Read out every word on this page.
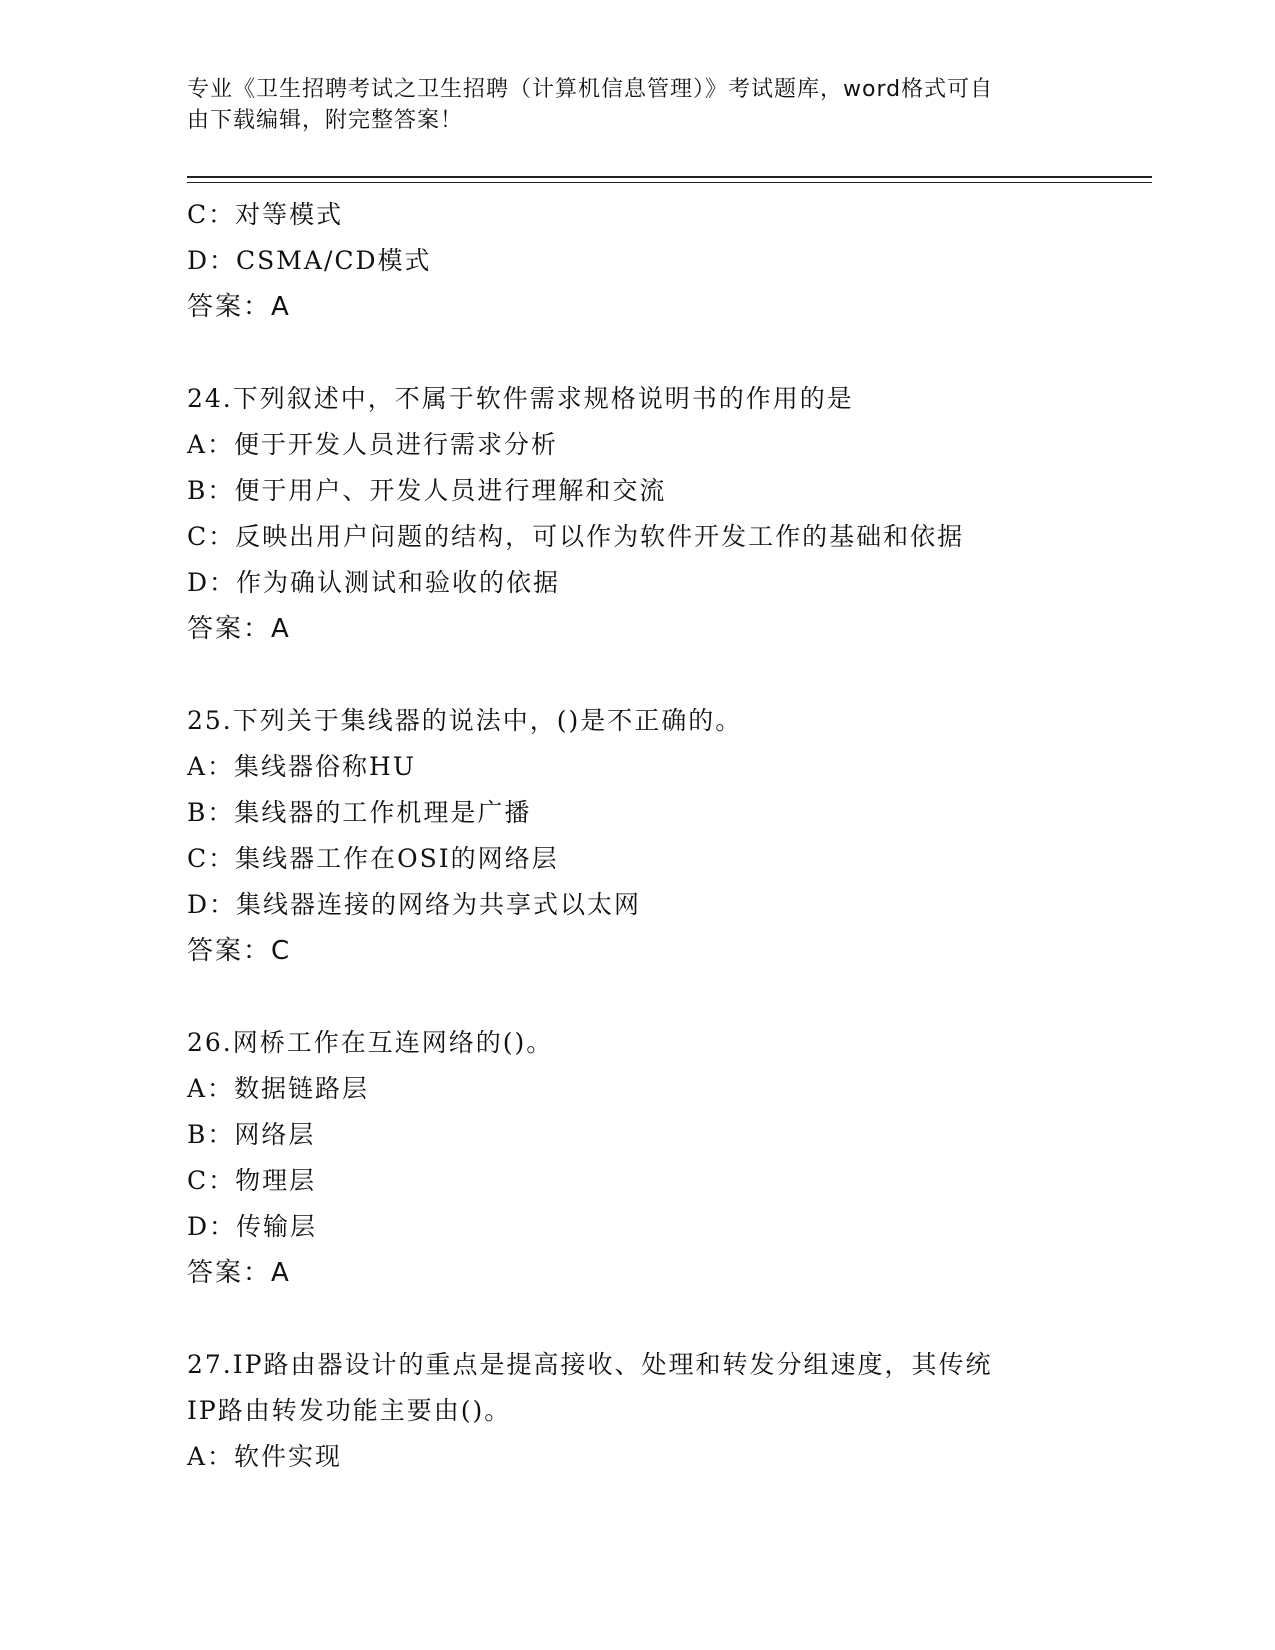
专业《卫生招聘考试之卫生招聘（计算机信息管理）》考试题库，word格式可自
由下载编辑，附完整答案！
C：对等模式
D：CSMA/CD模式
答案：A
24.下列叙述中，不属于软件需求规格说明书的作用的是
A：便于开发人员进行需求分析
B：便于用户、开发人员进行理解和交流
C：反映出用户问题的结构，可以作为软件开发工作的基础和依据
D：作为确认测试和验收的依据
答案：A
25.下列关于集线器的说法中，()是不正确的。
A：集线器俗称HU
B：集线器的工作机理是广播
C：集线器工作在OSI的网络层
D：集线器连接的网络为共享式以太网
答案：C
26.网桥工作在互连网络的()。
A：数据链路层
B：网络层
C：物理层
D：传输层
答案：A
27.IP路由器设计的重点是提高接收、处理和转发分组速度，其传统
IP路由转发功能主要由()。
A：软件实现
